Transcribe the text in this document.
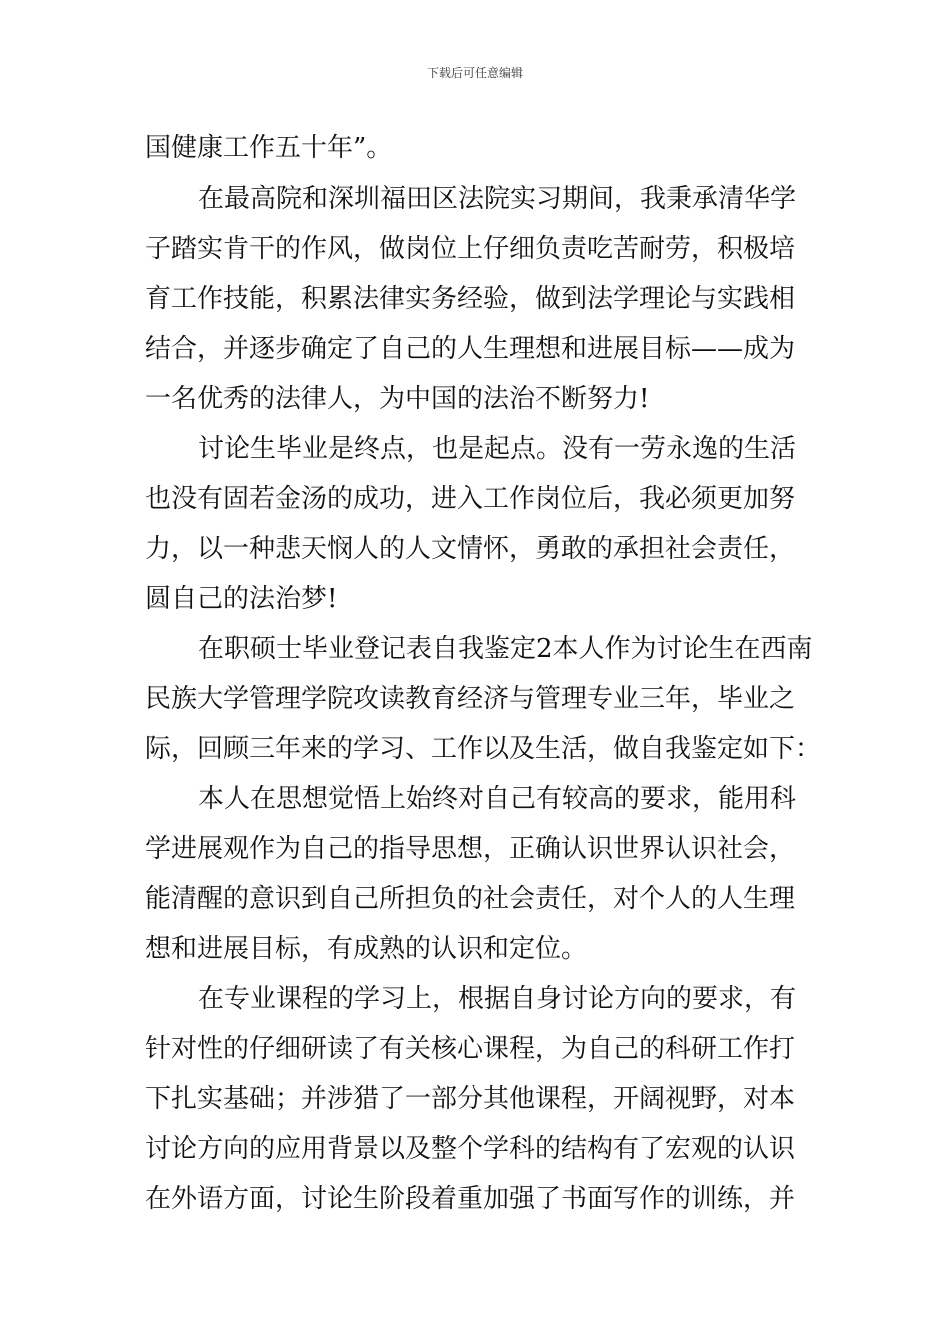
下载后可任意编辑
国健康工作五十年”。
在最高院和深圳福田区法院实习期间，我秉承清华学
子踏实肯干的作风，做岗位上仔细负责吃苦耐劳，积极培
育工作技能，积累法律实务经验，做到法学理论与实践相
结合，并逐步确定了自己的人生理想和进展目标——成为
一名优秀的法律人，为中国的法治不断努力!
讨论生毕业是终点，也是起点。没有一劳永逸的生活
也没有固若金汤的成功，进入工作岗位后，我必须更加努
力，以一种悲天悯人的人文情怀，勇敢的承担社会责任，
圆自己的法治梦!
在职硕士毕业登记表自我鉴定2本人作为讨论生在西南
民族大学管理学院攻读教育经济与管理专业三年，毕业之
际，回顾三年来的学习、工作以及生活，做自我鉴定如下：
本人在思想觉悟上始终对自己有较高的要求，能用科
学进展观作为自己的指导思想，正确认识世界认识社会，
能清醒的意识到自己所担负的社会责任，对个人的人生理
想和进展目标，有成熟的认识和定位。
在专业课程的学习上，根据自身讨论方向的要求，有
针对性的仔细研读了有关核心课程，为自己的科研工作打
下扎实基础；并涉猎了一部分其他课程，开阔视野，对本
讨论方向的应用背景以及整个学科的结构有了宏观的认识
在外语方面，讨论生阶段着重加强了书面写作的训练，并
